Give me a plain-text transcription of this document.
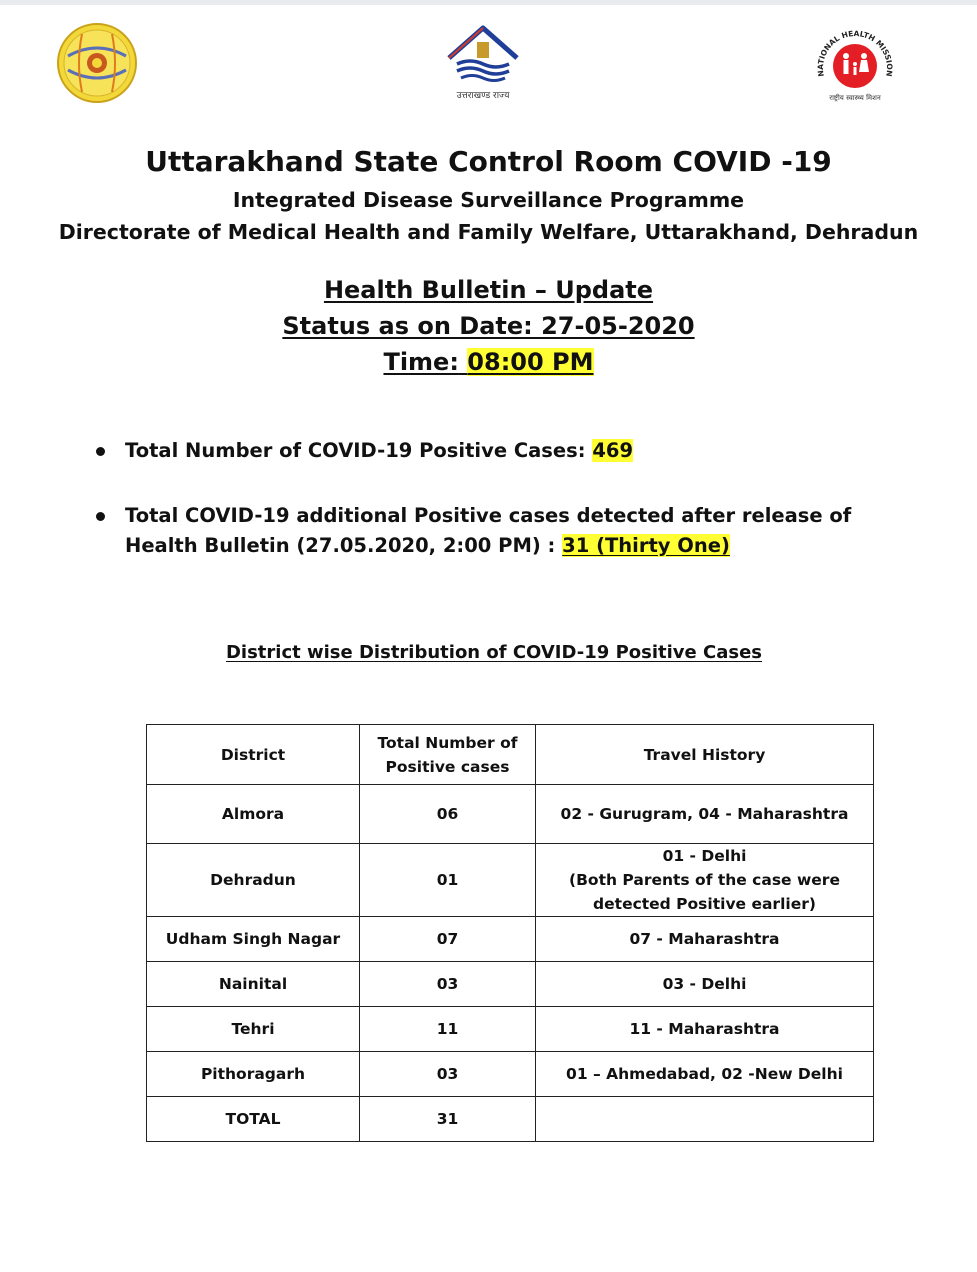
उत्तराखण्ड राज्य
NATIONAL HEALTH MISSION
राष्ट्रीय स्वास्थ्य मिशन
Uttarakhand State Control Room COVID -19
Integrated Disease Surveillance Programme
Directorate of Medical Health and Family Welfare, Uttarakhand, Dehradun
Health Bulletin – Update
Status as on Date: 27-05-2020
Time: 08:00 PM
Total Number of COVID-19 Positive Cases: 469
Total COVID-19 additional Positive cases detected after release of Health Bulletin (27.05.2020, 2:00 PM) : 31 (Thirty One)
District wise Distribution of COVID-19 Positive Cases
District	Total Number of Positive cases	Travel History
Almora	06	02 - Gurugram, 04 - Maharashtra
Dehradun	01	01 - Delhi
(Both Parents of the case were detected Positive earlier)

Udham Singh Nagar	07	07 - Maharashtra
Nainital	03	03 - Delhi
Tehri	11	11 - Maharashtra
Pithoragarh	03	01 – Ahmedabad, 02 -New Delhi
TOTAL	31	
